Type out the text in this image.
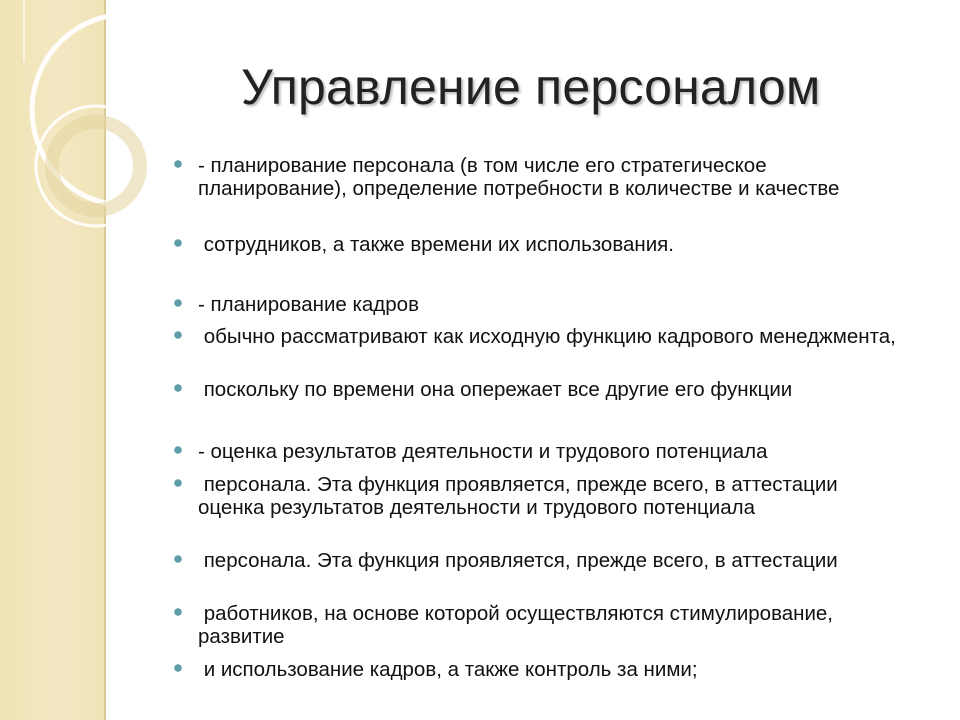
Управление персоналом
- планирование персонала (в том числе его стратегическое планирование), определение потребности в количестве и качестве
сотрудников, а также времени их использования.
- планирование кадров
обычно рассматривают как исходную функцию кадрового менеджмента,
поскольку по времени она опережает все другие его функции
- оценка результатов деятельности и трудового потенциала
персонала. Эта функция проявляется, прежде всего, в аттестации оценка результатов деятельности и трудового потенциала
персонала. Эта функция проявляется, прежде всего, в аттестации
работников, на основе которой осуществляются стимулирование, развитие
и использование кадров, а также контроль за ними;
